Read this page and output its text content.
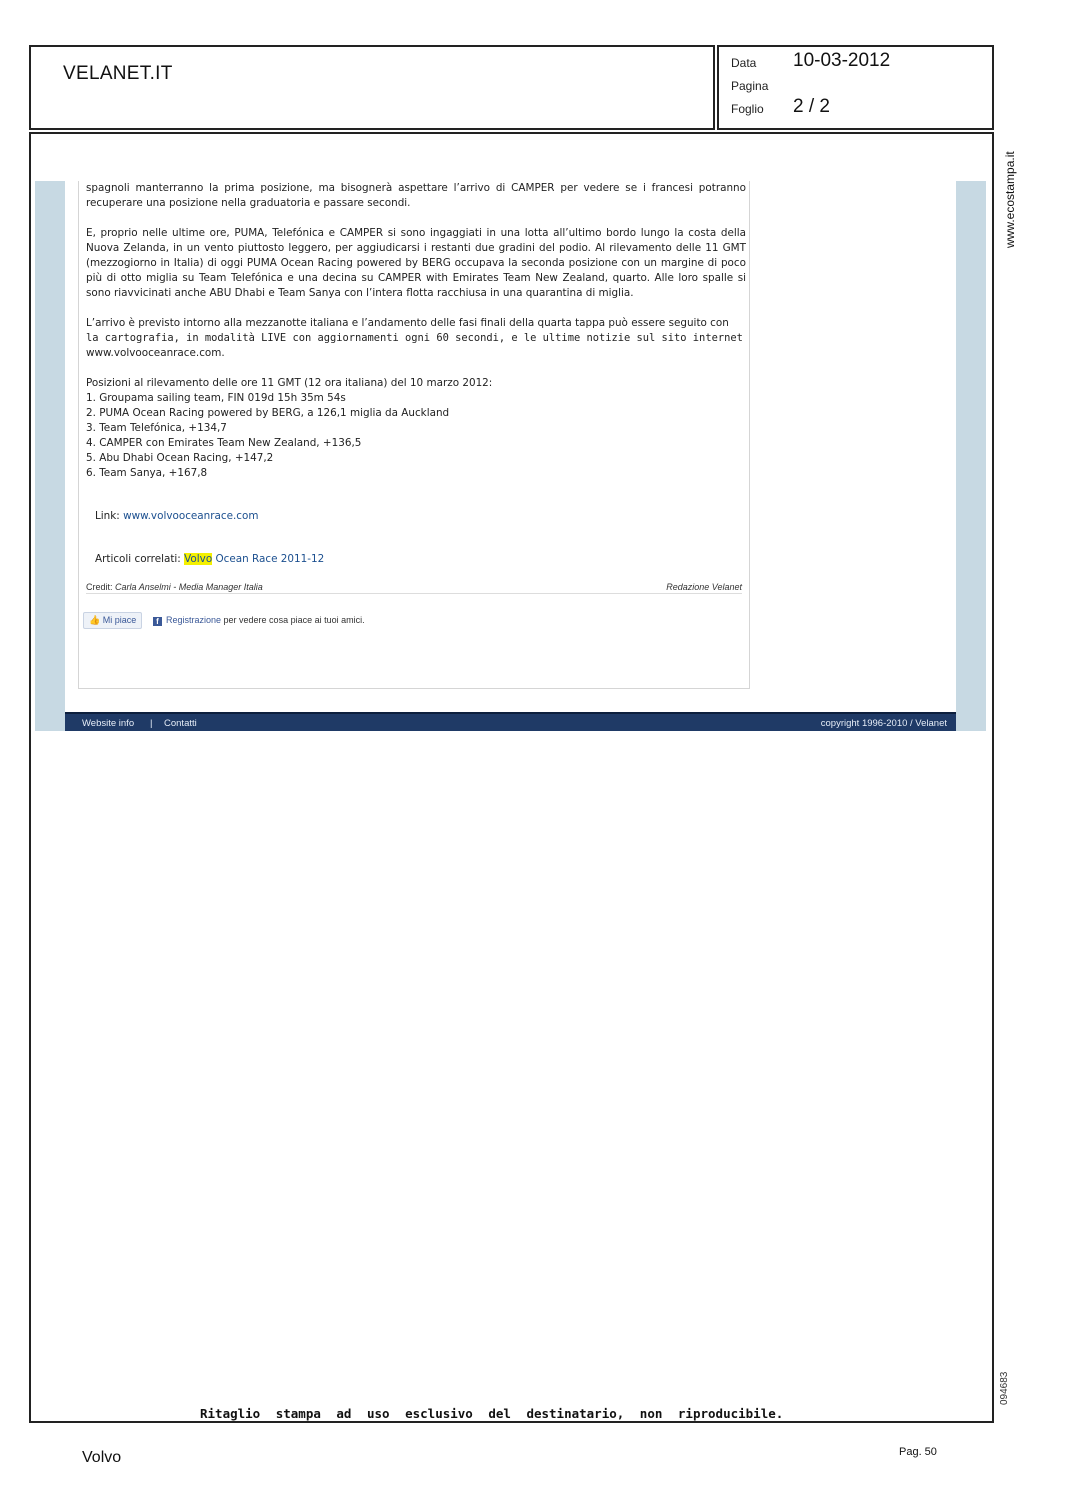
VELANET.IT	Data 10-03-2012
Pagina
Foglio 2 / 2
www.ecostampa.it
094683

spagnoli manterranno la prima posizione, ma bisognerà aspettare l’arrivo di CAMPER per vedere se i francesi potranno recuperare una posizione nella graduatoria e passare secondi.

E, proprio nelle ultime ore, PUMA, Telefónica e CAMPER si sono ingaggiati in una lotta all’ultimo bordo lungo la costa della Nuova Zelanda, in un vento piuttosto leggero, per aggiudicarsi i restanti due gradini del podio. Al rilevamento delle 11 GMT (mezzogiorno in Italia) di oggi PUMA Ocean Racing powered by BERG occupava la seconda posizione con un margine di poco più di otto miglia su Team Telefónica e una decina su CAMPER with Emirates Team New Zealand, quarto. Alle loro spalle si sono riavvicinati anche ABU Dhabi e Team Sanya con l’intera flotta racchiusa in una quarantina di miglia.

L’arrivo è previsto intorno alla mezzanotte italiana e l’andamento delle fasi finali della quarta tappa può essere seguito con
la cartografia, in modalità LIVE con aggiornamenti ogni 60 secondi, e le ultime notizie sul sito internet
www.volvooceanrace.com.

Posizioni al rilevamento delle ore 11 GMT (12 ora italiana) del 10 marzo 2012:
1. Groupama sailing team, FIN 019d 15h 35m 54s
2. PUMA Ocean Racing powered by BERG, a 126,1 miglia da Auckland
3. Team Telefónica, +134,7
4. CAMPER con Emirates Team New Zealand, +136,5
5. Abu Dhabi Ocean Racing, +147,2
6. Team Sanya, +167,8
Link: www.volvooceanrace.com
Articoli correlati: Volvo Ocean Race 2011-12
Credit: Carla Anselmi - Media Manager Italia	Redazione Velanet
👍 Mi piace	f Registrazione per vedere cosa piace ai tuoi amici.
Website info | Contatti	copyright 1996-2010 / Velanet
Ritaglio stampa ad uso esclusivo del destinatario, non riproducibile.
Volvo	Pag. 50
